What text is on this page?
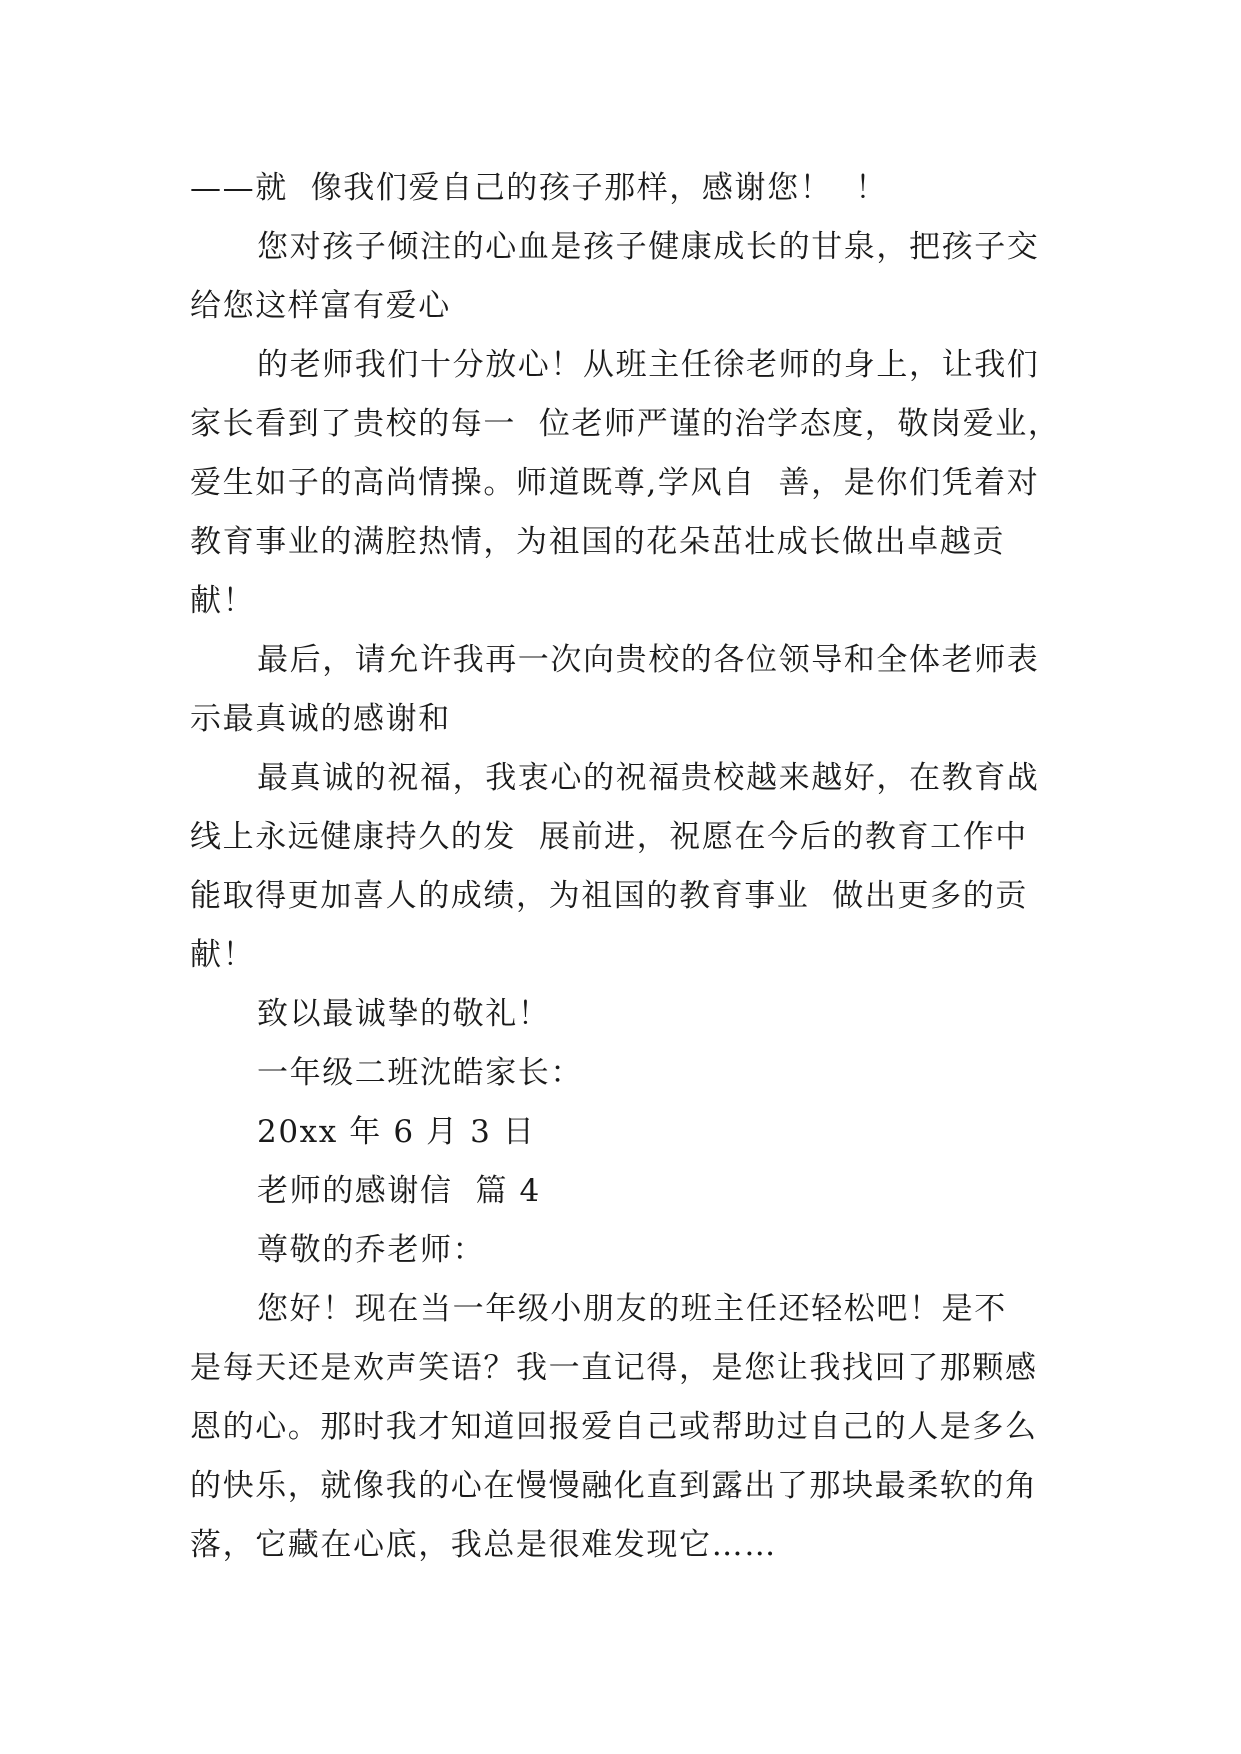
——就  像我们爱自己的孩子那样，感谢您！  ！
您对孩子倾注的心血是孩子健康成长的甘泉，把孩子交
给您这样富有爱心
的老师我们十分放心！从班主任徐老师的身上，让我们
家长看到了贵校的每一  位老师严谨的治学态度，敬岗爱业，
爱生如子的高尚情操。师道既尊,学风自  善，是你们凭着对
教育事业的满腔热情，为祖国的花朵茁壮成长做出卓越贡
献！
最后，请允许我再一次向贵校的各位领导和全体老师表
示最真诚的感谢和
最真诚的祝福，我衷心的祝福贵校越来越好，在教育战
线上永远健康持久的发  展前进，祝愿在今后的教育工作中
能取得更加喜人的成绩，为祖国的教育事业  做出更多的贡
献！
致以最诚挚的敬礼！
一年级二班沈皓家长：
20xx 年 6 月 3 日
老师的感谢信  篇 4
尊敬的乔老师：
您好！现在当一年级小朋友的班主任还轻松吧！是不
是每天还是欢声笑语？我一直记得，是您让我找回了那颗感
恩的心。那时我才知道回报爱自己或帮助过自己的人是多么
的快乐，就像我的心在慢慢融化直到露出了那块最柔软的角
落，它藏在心底，我总是很难发现它……
